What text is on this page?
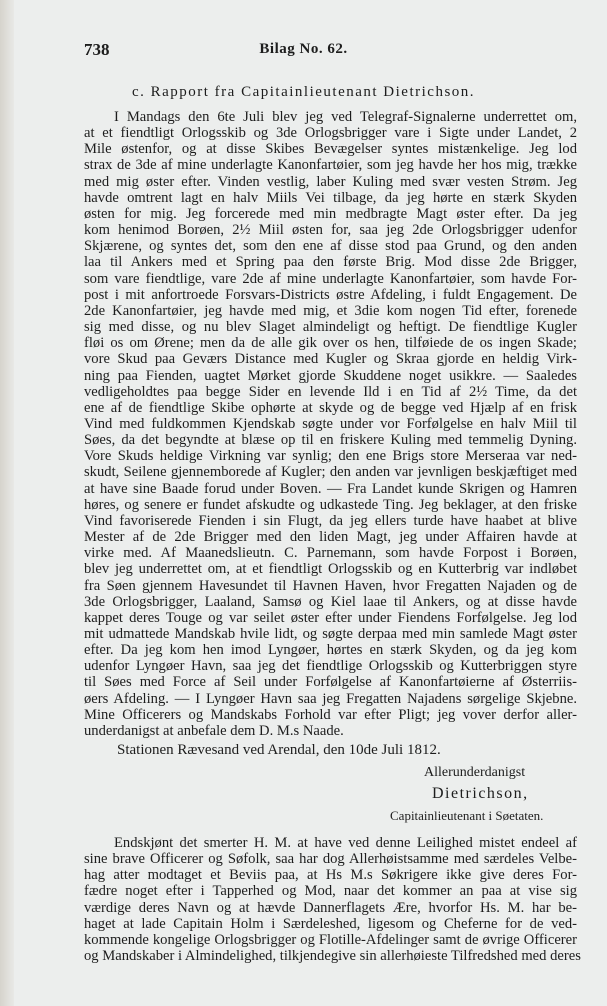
738	Bilag No. 62.
c. Rapport fra Capitainlieutenant Dietrichson.
I Mandags den 6te Juli blev jeg ved Telegraf-Signalerne underrettet om,
at et fiendtligt Orlogsskib og 3de Orlogsbrigger vare i Sigte under Landet, 2
Mile østenfor, og at disse Skibes Bevægelser syntes mistænkelige. Jeg lod
strax de 3de af mine underlagte Kanonfartøier, som jeg havde her hos mig, trække
med mig øster efter. Vinden vestlig, laber Kuling med svær vesten Strøm. Jeg
havde omtrent lagt en halv Miils Vei tilbage, da jeg hørte en stærk Skyden
østen for mig. Jeg forcerede med min medbragte Magt øster efter. Da jeg
kom henimod Borøen, 2½ Miil østen for, saa jeg 2de Orlogsbrigger udenfor
Skjærene, og syntes det, som den ene af disse stod paa Grund, og den anden
laa til Ankers med et Spring paa den første Brig. Mod disse 2de Brigger,
som vare fiendtlige, vare 2de af mine underlagte Kanonfartøier, som havde For-
post i mit anfortroede Forsvars-Districts østre Afdeling, i fuldt Engagement. De
2de Kanonfartøier, jeg havde med mig, et 3die kom nogen Tid efter, forenede
sig med disse, og nu blev Slaget almindeligt og heftigt. De fiendtlige Kugler
fløi os om Ørene; men da de alle gik over os hen, tilføiede de os ingen Skade;
vore Skud paa Geværs Distance med Kugler og Skraa gjorde en heldig Virk-
ning paa Fienden, uagtet Mørket gjorde Skuddene noget usikkre. — Saaledes
vedligeholdtes paa begge Sider en levende Ild i en Tid af 2½ Time, da det
ene af de fiendtlige Skibe ophørte at skyde og de begge ved Hjælp af en frisk
Vind med fuldkommen Kjendskab søgte under vor Forfølgelse en halv Miil til
Søes, da det begyndte at blæse op til en friskere Kuling med temmelig Dyning.
Vore Skuds heldige Virkning var synlig; den ene Brigs store Merseraa var ned-
skudt, Seilene gjennemborede af Kugler; den anden var jevnligen beskjæftiget med
at have sine Baade forud under Boven. — Fra Landet kunde Skrigen og Hamren
høres, og senere er fundet afskudte og udkastede Ting. Jeg beklager, at den friske
Vind favoriserede Fienden i sin Flugt, da jeg ellers turde have haabet at blive
Mester af de 2de Brigger med den liden Magt, jeg under Affairen havde at
virke med. Af Maanedslieutn. C. Parnemann, som havde Forpost i Borøen,
blev jeg underrettet om, at et fiendtligt Orlogsskib og en Kutterbrig var indløbet
fra Søen gjennem Havesundet til Havnen Haven, hvor Fregatten Najaden og de
3de Orlogsbrigger, Laaland, Samsø og Kiel laae til Ankers, og at disse havde
kappet deres Touge og var seilet øster efter under Fiendens Forfølgelse. Jeg lod
mit udmattede Mandskab hvile lidt, og søgte derpaa med min samlede Magt øster
efter. Da jeg kom hen imod Lyngøer, hørtes en stærk Skyden, og da jeg kom
udenfor Lyngøer Havn, saa jeg det fiendtlige Orlogsskib og Kutterbriggen styre
til Søes med Force af Seil under Forfølgelse af Kanonfartøierne af Østerriis-
øers Afdeling. — I Lyngøer Havn saa jeg Fregatten Najadens sørgelige Skjebne.
Mine Officerers og Mandskabs Forhold var efter Pligt; jeg vover derfor aller-
underdanigst at anbefale dem D. M.s Naade.
Stationen Rævesand ved Arendal, den 10de Juli 1812.
Allerunderdanigst
Dietrichson,
Capitainlieutenant i Søetaten.
Endskjønt det smerter H. M. at have ved denne Leilighed mistet endeel af
sine brave Officerer og Søfolk, saa har dog Allerhøistsamme med særdeles Velbe-
hag atter modtaget et Beviis paa, at Hs M.s Søkrigere ikke give deres For-
fædre noget efter i Tapperhed og Mod, naar det kommer an paa at vise sig
værdige deres Navn og at hævde Dannerflagets Ære, hvorfor Hs. M. har be-
haget at lade Capitain Holm i Særdeleshed, ligesom og Cheferne for de ved-
kommende kongelige Orlogsbrigger og Flotille-Afdelinger samt de øvrige Officerer
og Mandskaber i Almindelighed, tilkjendegive sin allerhøieste Tilfredshed med deres
